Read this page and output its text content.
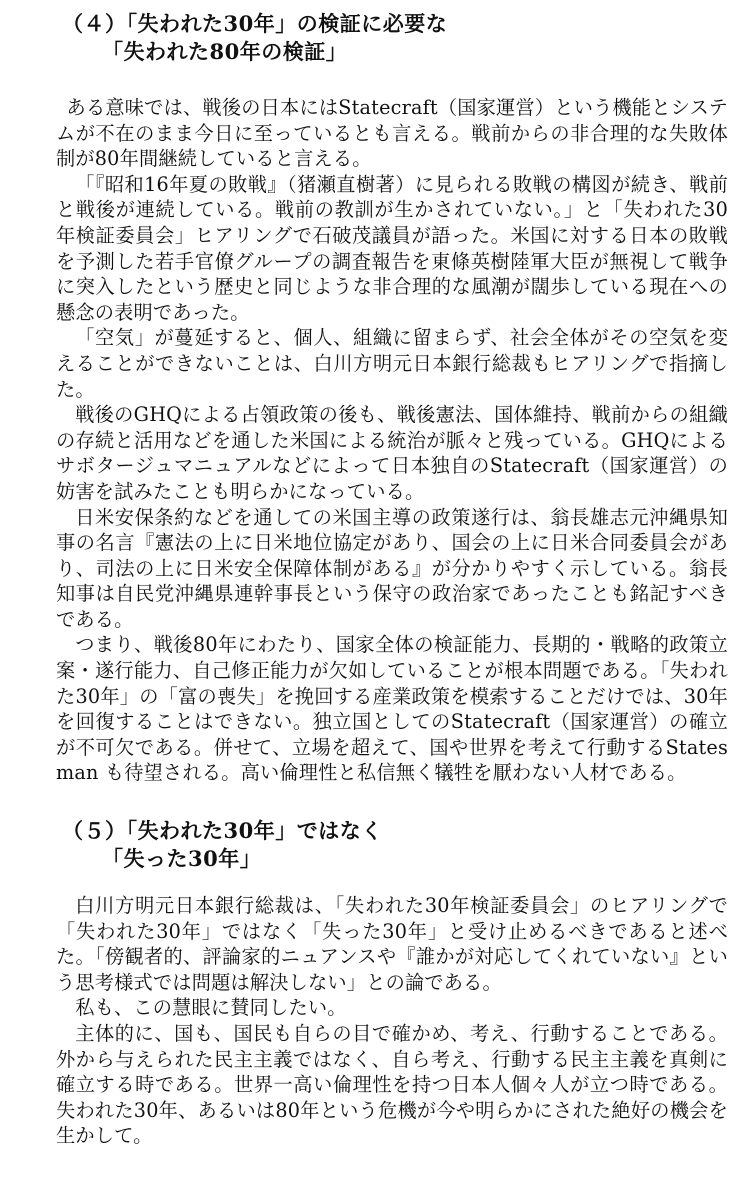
（４）「失われた30年」の検証に必要な
「失われた80年の検証」

ある意味では、戦後の日本にはStatecraft（国家運営）という機能とシステムが不在のまま今日に至っているとも言える。戦前からの非合理的な失敗体制が80年間継続していると言える。

「『昭和16年夏の敗戦』（猪瀬直樹著）に見られる敗戦の構図が続き、戦前と戦後が連続している。戦前の教訓が生かされていない。」と「失われた30年検証委員会」ヒアリングで石破茂議員が語った。米国に対する日本の敗戦を予測した若手官僚グループの調査報告を東條英樹陸軍大臣が無視して戦争に突入したという歴史と同じような非合理的な風潮が闊歩している現在への懸念の表明であった。

「空気」が蔓延すると、個人、組織に留まらず、社会全体がその空気を変えることができないことは、白川方明元日本銀行総裁もヒアリングで指摘した。

戦後のGHQによる占領政策の後も、戦後憲法、国体維持、戦前からの組織の存続と活用などを通した米国による統治が脈々と残っている。GHQによるサボタージュマニュアルなどによって日本独自のStatecraft（国家運営）の妨害を試みたことも明らかになっている。

日米安保条約などを通しての米国主導の政策遂行は、翁長雄志元沖縄県知事の名言『憲法の上に日米地位協定があり、国会の上に日米合同委員会があり、司法の上に日米安全保障体制がある』が分かりやすく示している。翁長知事は自民党沖縄県連幹事長という保守の政治家であったことも銘記すべきである。

つまり、戦後80年にわたり、国家全体の検証能力、長期的・戦略的政策立案・遂行能力、自己修正能力が欠如していることが根本問題である。「失われた30年」の「富の喪失」を挽回する産業政策を模索することだけでは、30年を回復することはできない。独立国としてのStatecraft（国家運営）の確立が不可欠である。併せて、立場を超えて、国や世界を考えて行動するStatesman も待望される。高い倫理性と私信無く犠牲を厭わない人材である。

（５）「失われた30年」ではなく
「失った30年」

白川方明元日本銀行総裁は、「失われた30年検証委員会」のヒアリングで「失われた30年」ではなく「失った30年」と受け止めるべきであると述べた。「傍観者的、評論家的ニュアンスや『誰かが対応してくれていない』という思考様式では問題は解決しない」との論である。

私も、この慧眼に賛同したい。

主体的に、国も、国民も自らの目で確かめ、考え、行動することである。外から与えられた民主主義ではなく、自ら考え、行動する民主主義を真剣に確立する時である。世界一高い倫理性を持つ日本人個々人が立つ時である。失われた30年、あるいは80年という危機が今や明らかにされた絶好の機会を生かして。
